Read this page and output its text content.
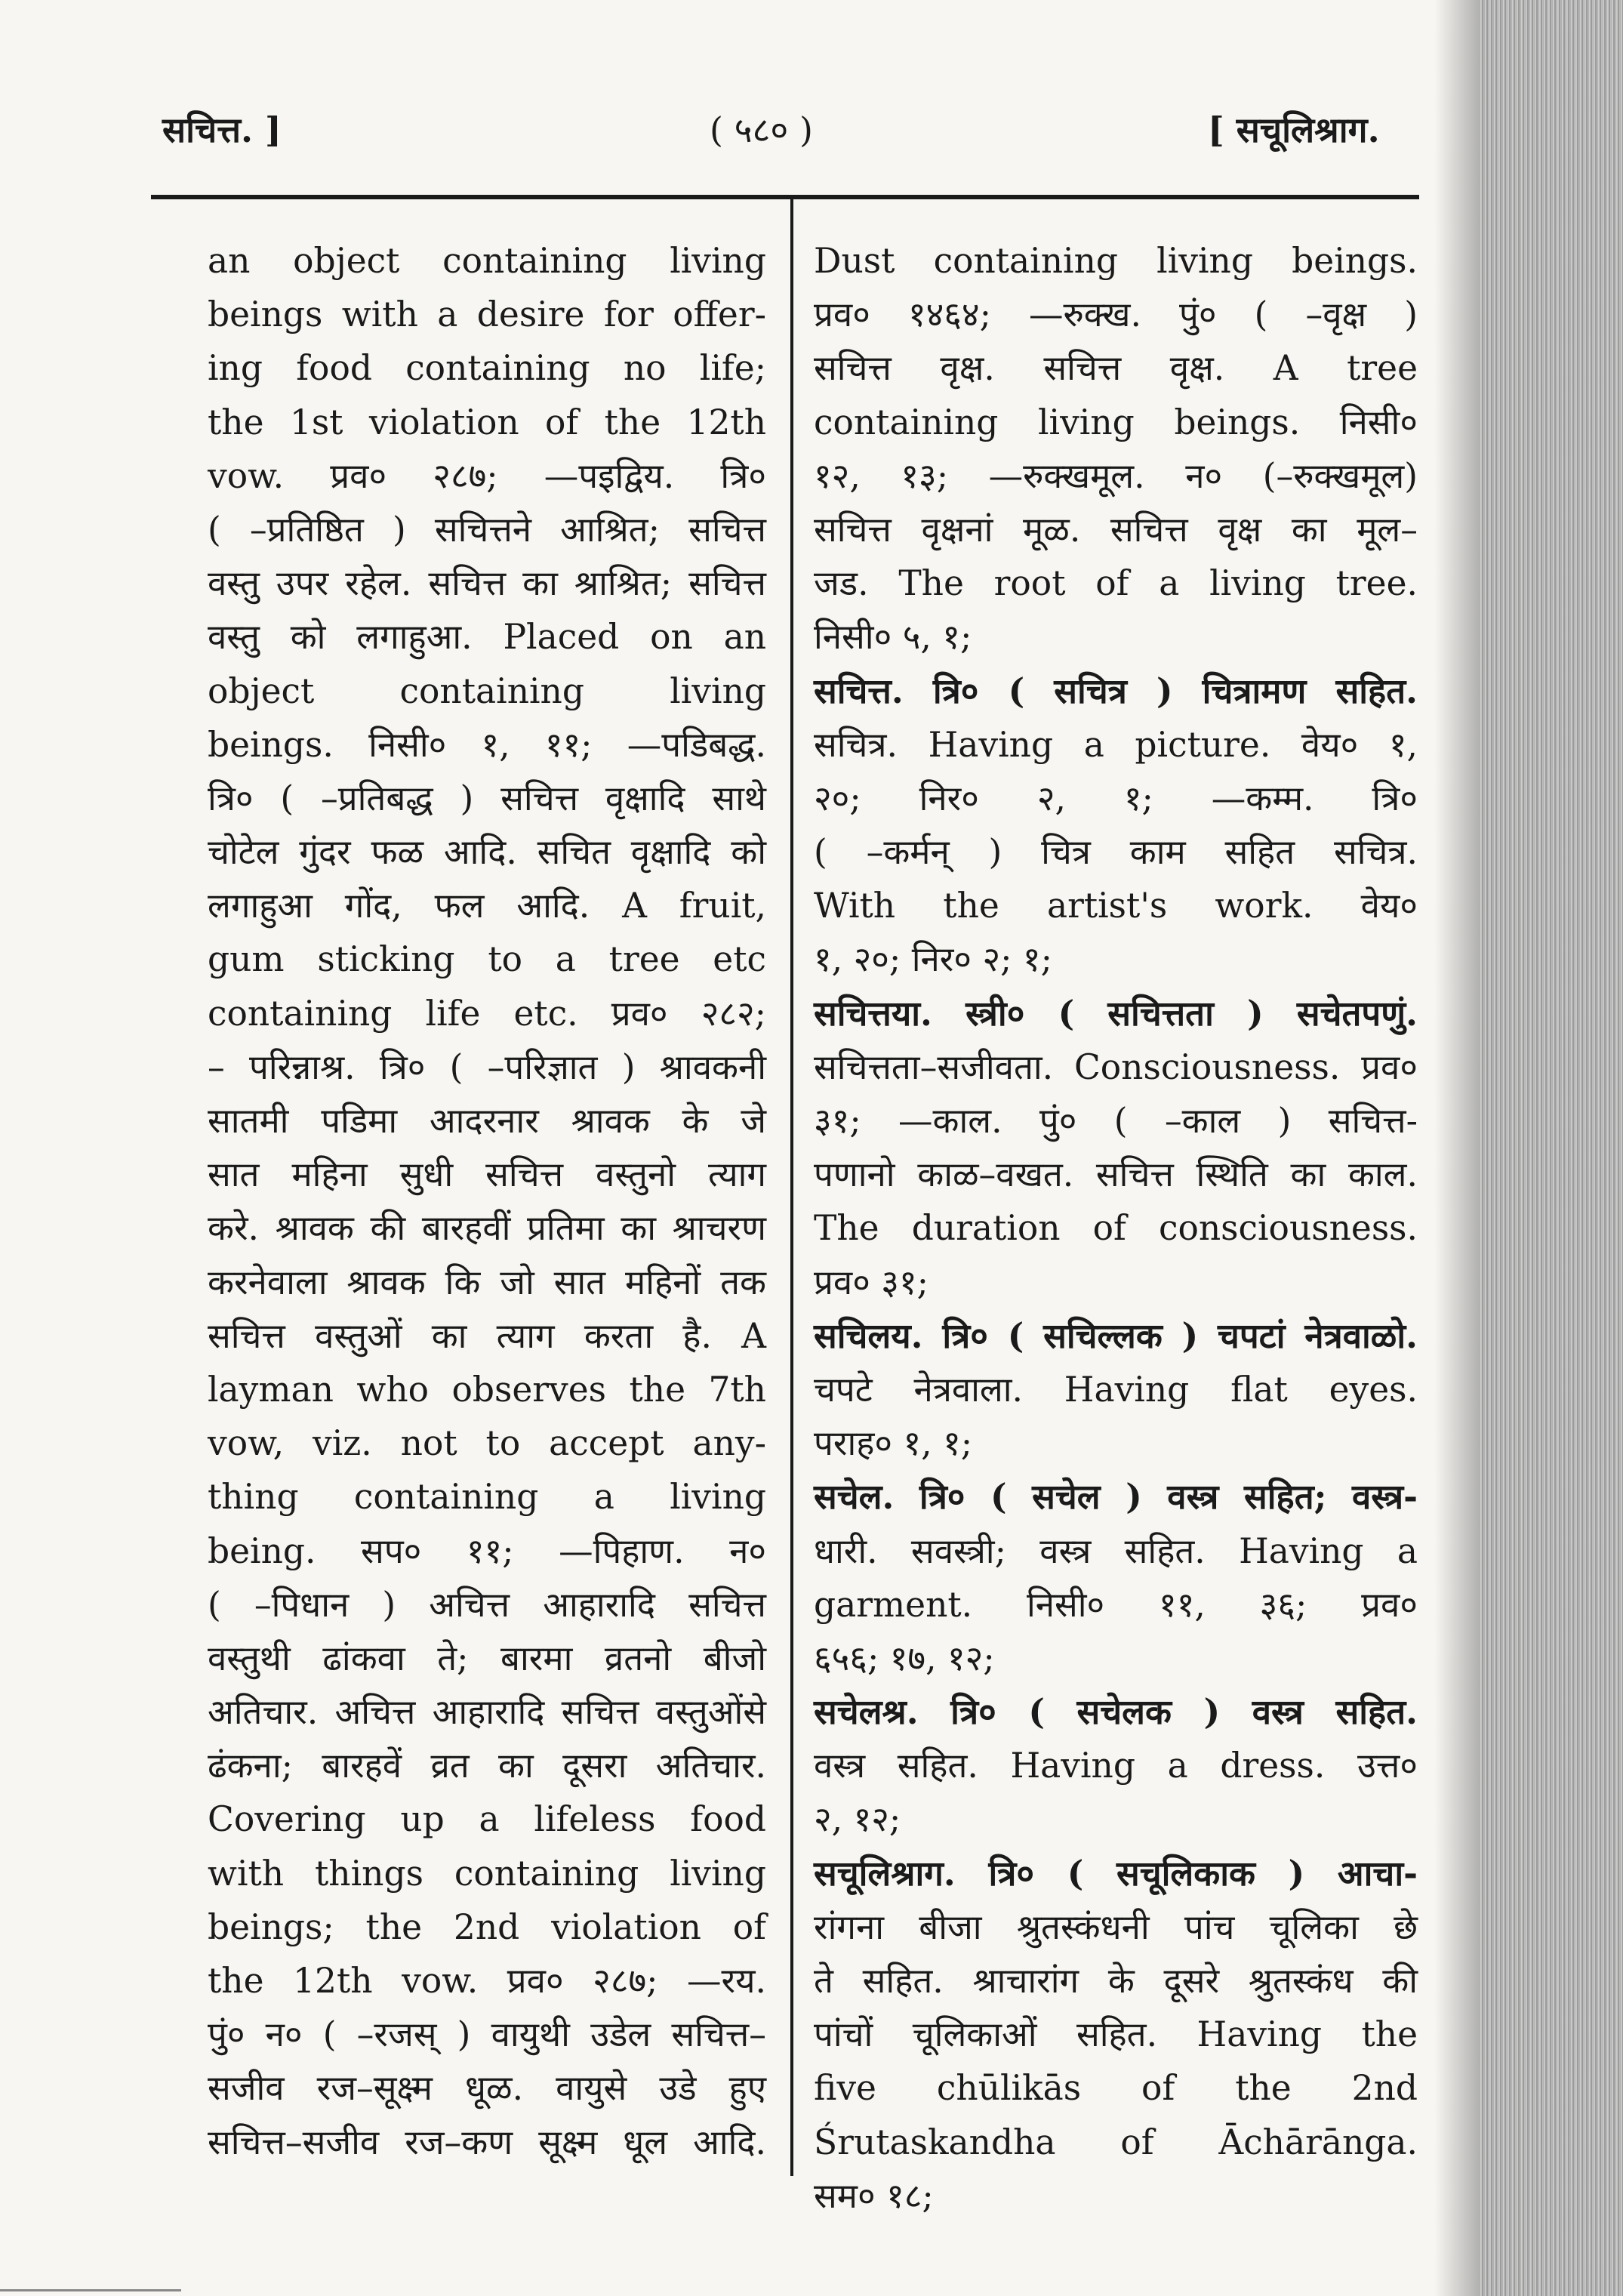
सचित्त. ]	( ५८० )	[ सचूलिश्राग.
an object containing living
beings with a desire for offer-
ing food containing no life;
the 1st violation of the 12th
vow. प्रव० २८७; —पइद्विय. त्रि०
( –प्रतिष्ठित ) सचित्तने आश्रित; सचित्त
वस्तु उपर रहेल. सचित्त का श्राश्रित; सचित्त
वस्तु को लगाहुआ. Placed on an
object containing living
beings. निसी० १, ११; —पडिबद्ध.
त्रि० ( –प्रतिबद्ध ) सचित्त वृक्षादि साथे
चोटेल गुंदर फळ आदि. सचित वृक्षादि को
लगाहुआ गोंद, फल आदि. A fruit,
gum sticking to a tree etc
containing life etc. प्रव० २८२;
– परिन्नाश्र. त्रि० ( –परिज्ञात ) श्रावकनी
सातमी पडिमा आदरनार श्रावक के जे
सात महिना सुधी सचित्त वस्तुनो त्याग
करे. श्रावक की बारहवीं प्रतिमा का श्राचरण
करनेवाला श्रावक कि जो सात महिनों तक
सचित्त वस्तुओं का त्याग करता है. A
layman who observes the 7th
vow, viz. not to accept any-
thing containing a living
being. सप० ११; —पिहाण. न०
( –पिधान ) अचित्त आहारादि सचित्त
वस्तुथी ढांकवा ते; बारमा व्रतनो बीजो
अतिचार. अचित्त आहारादि सचित्त वस्तुओंसे
ढंकना; बारहवें व्रत का दूसरा अतिचार.
Covering up a lifeless food
with things containing living
beings; the 2nd violation of
the 12th vow. प्रव० २८७; —रय.
पुं० न० ( –रजस् ) वायुथी उडेल सचित्त–
सजीव रज–सूक्ष्म धूळ. वायुसे उडे हुए
सचित्त–सजीव रज–कण सूक्ष्म धूल आदि.
Dust containing living beings.
प्रव० १४६४; —रुक्ख. पुं० ( –वृक्ष )
सचित्त वृक्ष. सचित्त वृक्ष. A tree
containing living beings. निसी०
१२, १३; —रुक्खमूल. न० (–रुक्खमूल)
सचित्त वृक्षनां मूळ. सचित्त वृक्ष का मूल–
जड. The root of a living tree.
निसी० ५, १;
सचित्त. त्रि० ( सचित्र ) चित्रामण सहित.
सचित्र. Having a picture. वेय० १,
२०; निर० २, १; —कम्म. त्रि०
( –कर्मन् ) चित्र काम सहित सचित्र.
With the artist's work. वेय०
१, २०; निर० २; १;
सचित्तया. स्त्री० ( सचित्तता ) सचेतपणुं.
सचित्तता–सजीवता. Consciousness. प्रव०
३१; —काल. पुं० ( –काल ) सचित्त-
पणानो काळ–वखत. सचित्त स्थिति का काल.
The duration of consciousness.
प्रव० ३१;
सचिलय. त्रि० ( सचिल्लक ) चपटां नेत्रवाळो.
चपटे नेत्रवाला. Having flat eyes.
पराह० १, १;
सचेल. त्रि० ( सचेल ) वस्त्र सहित; वस्त्र-
धारी. सवस्त्री; वस्त्र सहित. Having a
garment. निसी० ११, ३६; प्रव०
६५६; १७, १२;
सचेलश्र. त्रि० ( सचेलक ) वस्त्र सहित.
वस्त्र सहित. Having a dress. उत्त०
२, १२;
सचूलिश्राग. त्रि० ( सचूलिकाक ) आचा-
रांगना बीजा श्रुतस्कंधनी पांच चूलिका छे
ते सहित. श्राचारांग के दूसरे श्रुतस्कंध की
पांचों चूलिकाओं सहित. Having the
five chūlikās of the 2nd
Śrutaskandha of Āchārānga.
सम० १८;
